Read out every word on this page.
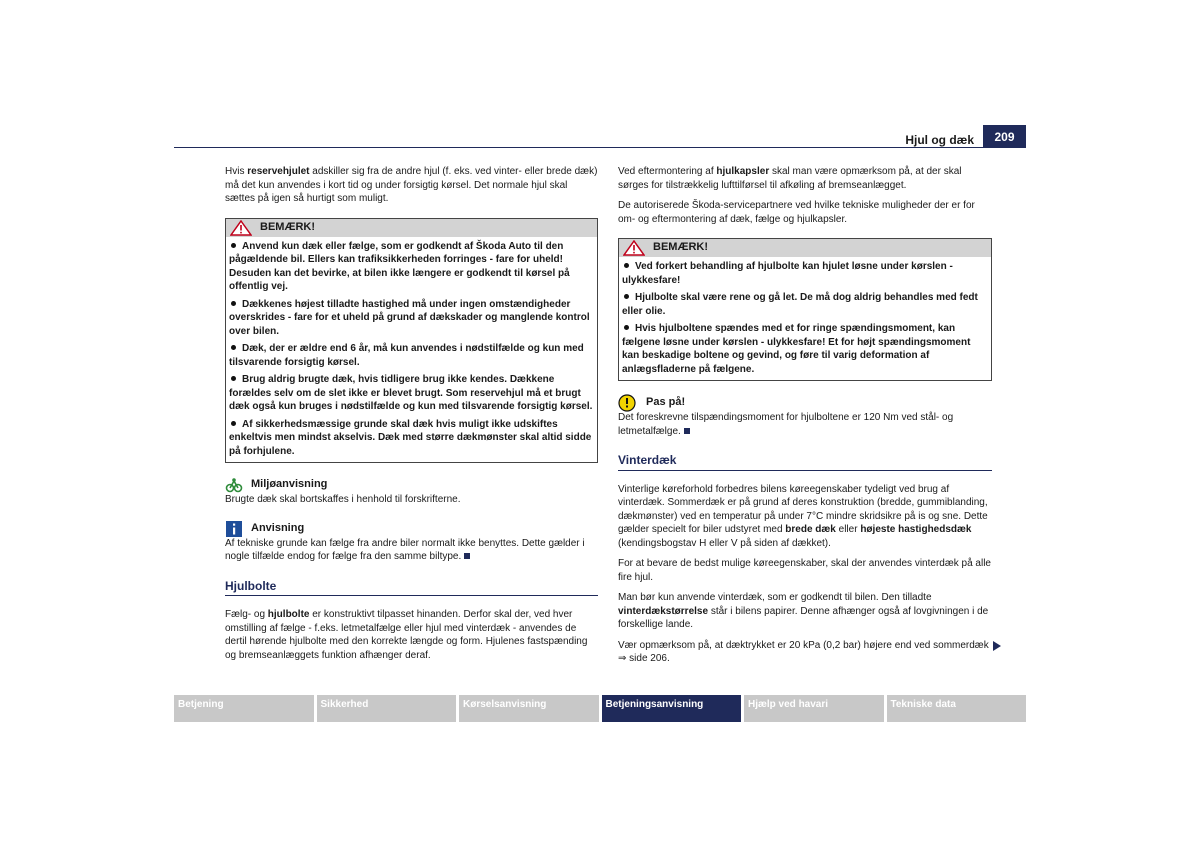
Hjul og dæk	209

Hvis reservehjulet adskiller sig fra de andre hjul (f. eks. ved vinter- eller brede dæk) må det kun anvendes i kort tid og under forsigtig kørsel. Det normale hjul skal sættes på igen så hurtigt som muligt.

BEMÆRK!
Anvend kun dæk eller fælge, som er godkendt af Škoda Auto til den pågældende bil. Ellers kan trafiksikkerheden forringes - fare for uheld! Desuden kan det bevirke, at bilen ikke længere er godkendt til kørsel på offentlig vej.
Dækkenes højest tilladte hastighed må under ingen omstændigheder overskrides - fare for et uheld på grund af dækskader og manglende kontrol over bilen.
Dæk, der er ældre end 6 år, må kun anvendes i nødstilfælde og kun med tilsvarende forsigtig kørsel.
Brug aldrig brugte dæk, hvis tidligere brug ikke kendes. Dækkene forældes selv om de slet ikke er blevet brugt. Som reservehjul må et brugt dæk også kun bruges i nødstilfælde og kun med tilsvarende forsigtig kørsel.
Af sikkerhedsmæssige grunde skal dæk hvis muligt ikke udskiftes enkeltvis men mindst akselvis. Dæk med større dækmønster skal altid sidde på forhjulene.
Miljøanvisning

Brugte dæk skal bortskaffes i henhold til forskrifterne.

Anvisning

Af tekniske grunde kan fælge fra andre biler normalt ikke benyttes. Dette gælder i nogle tilfælde endog for fælge fra den samme biltype.

Hjulbolte

Fælg- og hjulbolte er konstruktivt tilpasset hinanden. Derfor skal der, ved hver omstilling af fælge - f.eks. letmetalfælge eller hjul med vinterdæk - anvendes de dertil hørende hjulbolte med den korrekte længde og form. Hjulenes fastspænding og bremseanlæggets funktion afhænger deraf.

Ved eftermontering af hjulkapsler skal man være opmærksom på, at der skal sørges for tilstrækkelig lufttilførsel til afkøling af bremseanlægget.

De autoriserede Škoda-servicepartnere ved hvilke tekniske muligheder der er for om- og eftermontering af dæk, fælge og hjulkapsler.

BEMÆRK!
Ved forkert behandling af hjulbolte kan hjulet løsne under kørslen - ulykkesfare!
Hjulbolte skal være rene og gå let. De må dog aldrig behandles med fedt eller olie.
Hvis hjulboltene spændes med et for ringe spændingsmoment, kan fælgene løsne under kørslen - ulykkesfare! Et for højt spændingsmoment kan beskadige boltene og gevind, og føre til varig deformation af anlægsfladerne på fælgene.
Pas på!

Det foreskrevne tilspændingsmoment for hjulboltene er 120 Nm ved stål- og letmetalfælge.

Vinterdæk

Vinterlige køreforhold forbedres bilens køreegenskaber tydeligt ved brug af vinterdæk. Sommerdæk er på grund af deres konstruktion (bredde, gummiblanding, dækmønster) ved en temperatur på under 7°C mindre skridsikre på is og sne. Dette gælder specielt for biler udstyret med brede dæk eller højeste hastighedsdæk (kendingsbogstav H eller V på siden af dækket).

For at bevare de bedst mulige køreegenskaber, skal der anvendes vinterdæk på alle fire hjul.

Man bør kun anvende vinterdæk, som er godkendt til bilen. Den tilladte vinterdækstørrelse står i bilens papirer. Denne afhænger også af lovgivningen i de forskellige lande.

Vær opmærksom på, at dæktrykket er 20 kPa (0,2 bar) højere end ved sommerdæk ⇒ side 206.

Betjening	Sikkerhed	Kørselsanvisning	Betjeningsanvisning	Hjælp ved havari	Tekniske data
